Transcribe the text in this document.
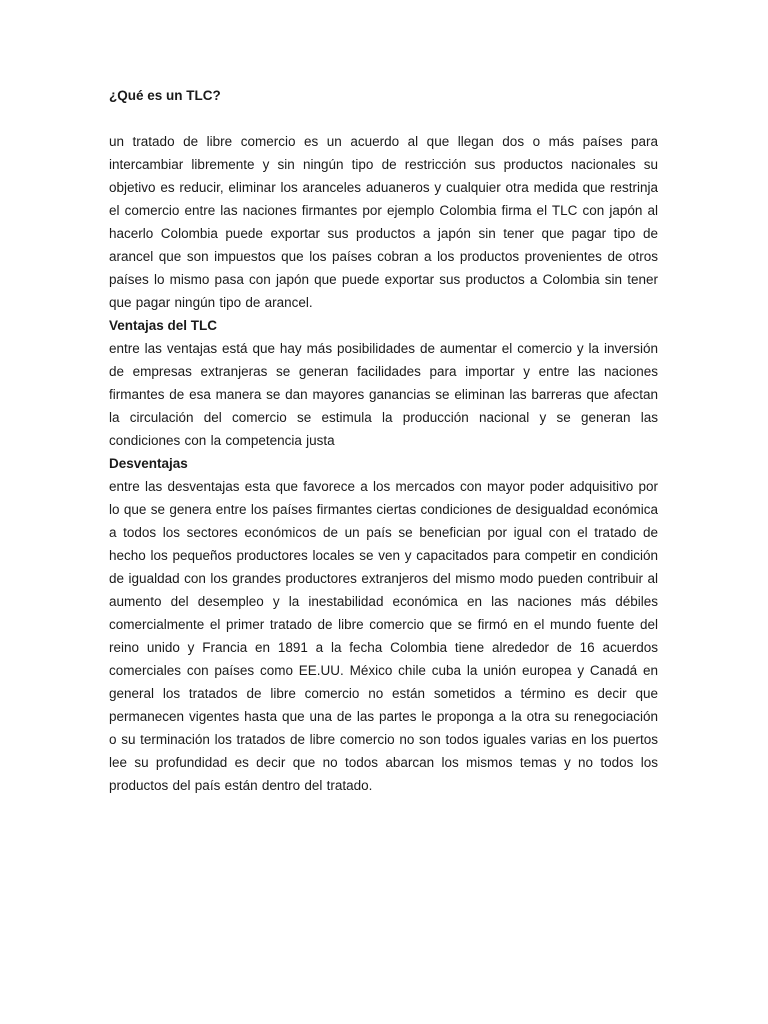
¿Qué es un TLC?

un tratado de libre comercio es un acuerdo al que llegan dos o más países para intercambiar libremente y sin ningún tipo de restricción sus productos nacionales su objetivo es reducir, eliminar los aranceles aduaneros y cualquier otra medida que restrinja el comercio entre las naciones firmantes por ejemplo Colombia firma el TLC con japón al hacerlo Colombia puede exportar sus productos a japón sin tener que pagar tipo de arancel que son impuestos que los países cobran a los productos provenientes de otros países lo mismo pasa con japón que puede exportar sus productos a Colombia sin tener que pagar ningún tipo de arancel.

Ventajas del TLC

entre las ventajas está que hay más posibilidades de aumentar el comercio y la inversión de empresas extranjeras se generan facilidades para importar y entre las naciones firmantes de esa manera se dan mayores ganancias se eliminan las barreras que afectan la circulación del comercio se estimula la producción nacional y se generan las condiciones con la competencia justa

Desventajas

entre las desventajas esta que favorece a los mercados con mayor poder adquisitivo por lo que se genera entre los países firmantes ciertas condiciones de desigualdad económica a todos los sectores económicos de un país se benefician por igual con el tratado de hecho los pequeños productores locales se ven y capacitados para competir en condición de igualdad con los grandes productores extranjeros del mismo modo pueden contribuir al aumento del desempleo y la inestabilidad económica en las naciones más débiles comercialmente el primer tratado de libre comercio que se firmó en el mundo fuente del reino unido y Francia en 1891 a la fecha Colombia tiene alrededor de 16 acuerdos comerciales con países como EE.UU. México chile cuba la unión europea y Canadá en general los tratados de libre comercio no están sometidos a término es decir que permanecen vigentes hasta que una de las partes le proponga a la otra su renegociación o su terminación los tratados de libre comercio no son todos iguales varias en los puertos lee su profundidad es decir que no todos abarcan los mismos temas y no todos los productos del país están dentro del tratado.
